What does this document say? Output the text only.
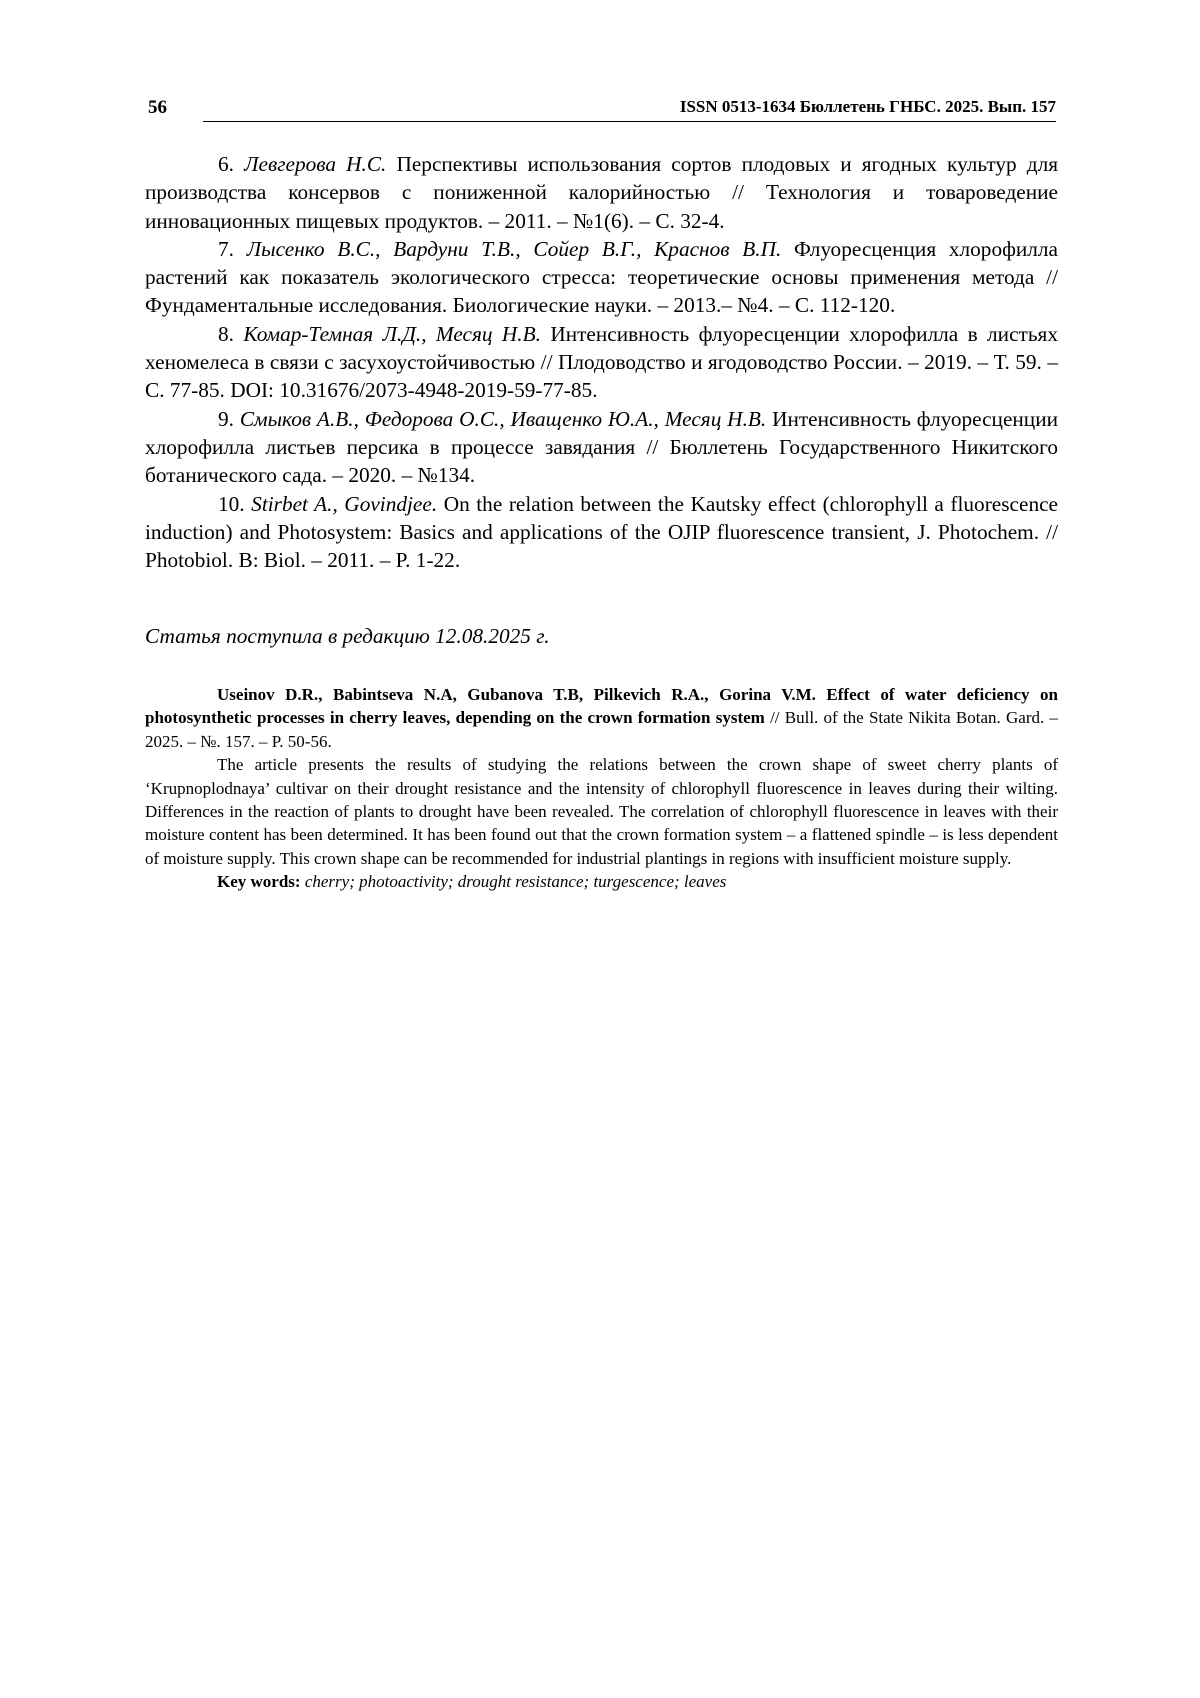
56	ISSN 0513-1634 Бюллетень ГНБС. 2025. Вып. 157

6. Левгерова Н.С. Перспективы использования сортов плодовых и ягодных культур для производства консервов с пониженной калорийностью // Технология и товароведение инновационных пищевых продуктов. – 2011. – №1(6). – С. 32-4.

7. Лысенко В.С., Вардуни Т.В., Сойер В.Г., Краснов В.П. Флуоресценция хлорофилла растений как показатель экологического стресса: теоретические основы применения метода // Фундаментальные исследования. Биологические науки. – 2013.– №4. – С. 112-120.

8. Комар-Темная Л.Д., Месяц Н.В. Интенсивность флуоресценции хлорофилла в листьях хеномелеса в связи с засухоустойчивостью // Плодоводство и ягодоводство России. – 2019. – Т. 59. – С. 77-85. DOI: 10.31676/2073-4948-2019-59-77-85.

9. Смыков А.В., Федорова О.С., Иващенко Ю.А., Месяц Н.В. Интенсивность флуоресценции хлорофилла листьев персика в процессе завядания // Бюллетень Государственного Никитского ботанического сада. – 2020. – №134.

10. Stirbet A., Govindjee. On the relation between the Kautsky effect (chlorophyll a fluorescence induction) and Photosystem: Basics and applications of the OJIP fluorescence transient, J. Photochem. // Photobiol. B: Biol. – 2011. – P. 1-22.

Статья поступила в редакцию 12.08.2025 г.

Useinov D.R., Babintseva N.A, Gubanova T.B, Pilkevich R.A., Gorina V.M. Effect of water deficiency on photosynthetic processes in cherry leaves, depending on the crown formation system // Bull. of the State Nikita Botan. Gard. – 2025. – №. 157. – P. 50-56.

The article presents the results of studying the relations between the crown shape of sweet cherry plants of ‘Krupnoplodnaya’ cultivar on their drought resistance and the intensity of chlorophyll fluorescence in leaves during their wilting. Differences in the reaction of plants to drought have been revealed. The correlation of chlorophyll fluorescence in leaves with their moisture content has been determined. It has been found out that the crown formation system – a flattened spindle – is less dependent of moisture supply. This crown shape can be recommended for industrial plantings in regions with insufficient moisture supply.

Key words: cherry; photoactivity; drought resistance; turgescence; leaves
